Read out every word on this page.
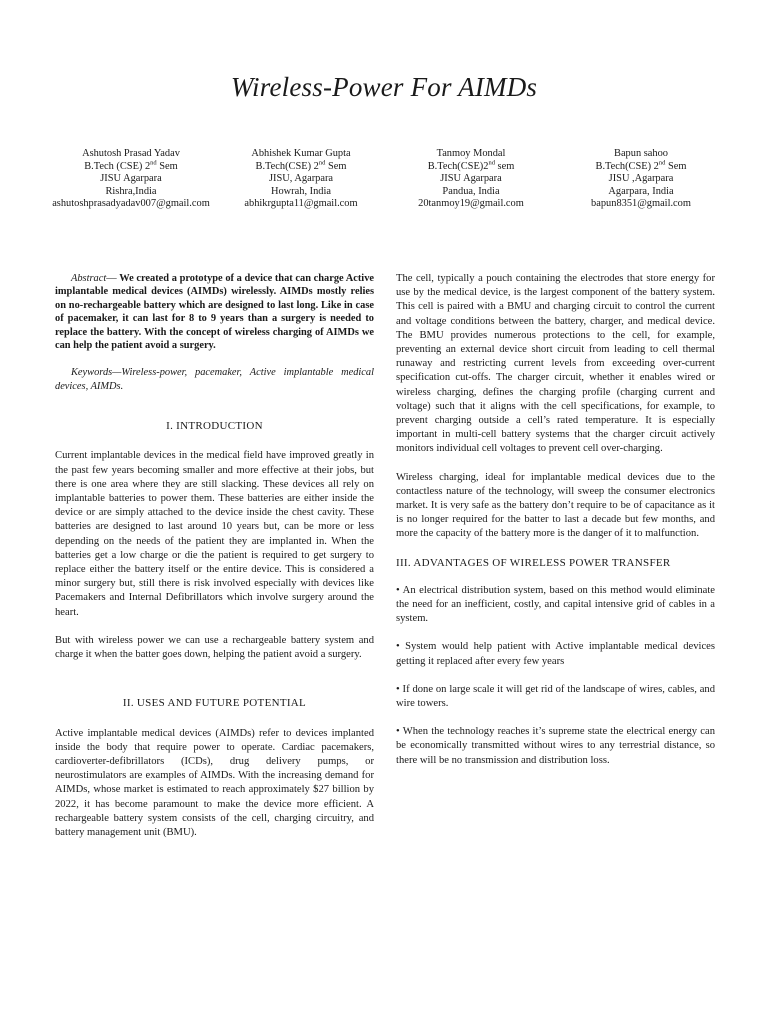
Wireless-Power For AIMDs
Ashutosh Prasad Yadav
B.Tech (CSE) 2nd Sem
JISU Agarpara
Rishra,India
ashutoshprasadyadav007@gmail.com
Abhishek Kumar Gupta
B.Tech(CSE) 2nd Sem
JISU, Agarpara
Howrah, India
abhikrgupta11@gmail.com
Tanmoy Mondal
B.Tech(CSE)2nd sem
JISU Agarpara
Pandua, India
20tanmoy19@gmail.com
Bapun sahoo
B.Tech(CSE) 2nd Sem
JISU ,Agarpara
Agarpara, India
bapun8351@gmail.com

Abstract— We created a prototype of a device that can charge Active implantable medical devices (AIMDs) wirelessly. AIMDs mostly relies on no-rechargeable battery which are designed to last long. Like in case of pacemaker, it can last for 8 to 9 years than a surgery is needed to replace the battery. With the concept of wireless charging of AIMDs we can help the patient avoid a surgery.

Keywords—Wireless-power, pacemaker, Active implantable medical devices, AIMDs.

I. INTRODUCTION

Current implantable devices in the medical field have improved greatly in the past few years becoming smaller and more effective at their jobs, but there is one area where they are still slacking. These devices all rely on implantable batteries to power them. These batteries are either inside the device or are simply attached to the device inside the chest cavity. These batteries are designed to last around 10 years but, can be more or less depending on the needs of the patient they are implanted in. When the batteries get a low charge or die the patient is required to get surgery to replace either the battery itself or the entire device. This is considered a minor surgery but, still there is risk involved especially with devices like Pacemakers and Internal Defibrillators which involve surgery around the heart.

But with wireless power we can use a rechargeable battery system and charge it when the batter goes down, helping the patient avoid a surgery.

II. USES AND FUTURE POTENTIAL

Active implantable medical devices (AIMDs) refer to devices implanted inside the body that require power to operate. Cardiac pacemakers, cardioverter-defibrillators (ICDs), drug delivery pumps, or neurostimulators are examples of AIMDs. With the increasing demand for AIMDs, whose market is estimated to reach approximately $27 billion by 2022, it has become paramount to make the device more efficient. A rechargeable battery system consists of the cell, charging circuitry, and battery management unit (BMU).

The cell, typically a pouch containing the electrodes that store energy for use by the medical device, is the largest component of the battery system. This cell is paired with a BMU and charging circuit to control the current and voltage conditions between the battery, charger, and medical device. The BMU provides numerous protections to the cell, for example, preventing an external device short circuit from leading to cell thermal runaway and restricting current levels from exceeding over-current specification cut-offs. The charger circuit, whether it enables wired or wireless charging, defines the charging profile (charging current and voltage) such that it aligns with the cell specifications, for example, to prevent charging outside a cell’s rated temperature. It is especially important in multi-cell battery systems that the charger circuit actively monitors individual cell voltages to prevent cell over-charging.

Wireless charging, ideal for implantable medical devices due to the contactless nature of the technology, will sweep the consumer electronics market. It is very safe as the battery don’t require to be of capacitance as it is no longer required for the batter to last a decade but few months, and more the capacity of the battery more is the danger of it to malfunction.

III. ADVANTAGES OF WIRELESS POWER TRANSFER

• An electrical distribution system, based on this method would eliminate the need for an inefficient, costly, and capital intensive grid of cables in a system.

• System would help patient with Active implantable medical devices getting it replaced after every few years

• If done on large scale it will get rid of the landscape of wires, cables, and wire towers.

• When the technology reaches it’s supreme state the electrical energy can be economically transmitted without wires to any terrestrial distance, so there will be no transmission and distribution loss.
